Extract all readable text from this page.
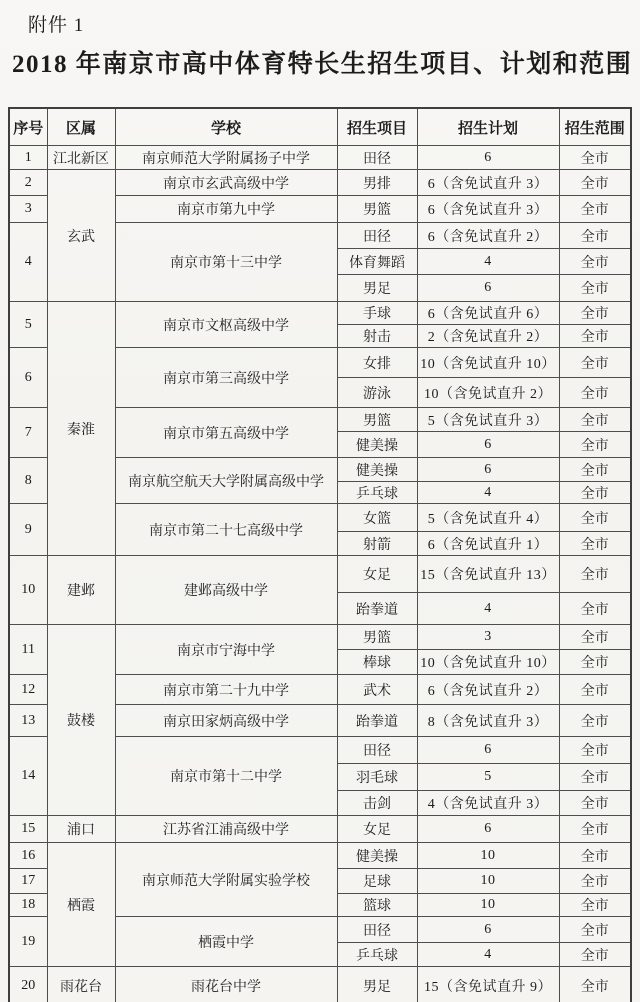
附件 1
2018 年南京市高中体育特长生招生项目、计划和范围
序号	区属	学校	招生项目	招生计划	招生范围
1	江北新区	南京师范大学附属扬子中学	田径	6	全市
2	玄武	南京市玄武高级中学	男排	6（含免试直升 3）	全市
3		南京市第九中学	男篮	6（含免试直升 3）	全市
4		南京市第十三中学	田径	6（含免试直升 2）	全市
			体育舞蹈	4	全市
			男足	6	全市
5	秦淮	南京市文枢高级中学	手球	6（含免试直升 6）	全市
			射击	2（含免试直升 2）	全市
6		南京市第三高级中学	女排	10（含免试直升 10）	全市
			游泳	10（含免试直升 2）	全市
7		南京市第五高级中学	男篮	5（含免试直升 3）	全市
			健美操	6	全市
8		南京航空航天大学附属高级中学	健美操	6	全市
			乒乓球	4	全市
9		南京市第二十七高级中学	女篮	5（含免试直升 4）	全市
			射箭	6（含免试直升 1）	全市
10	建邺	建邺高级中学	女足	15（含免试直升 13）	全市
			跆拳道	4	全市
11	鼓楼	南京市宁海中学	男篮	3	全市
			棒球	10（含免试直升 10）	全市
12		南京市第二十九中学	武术	6（含免试直升 2）	全市
13		南京田家炳高级中学	跆拳道	8（含免试直升 3）	全市
14		南京市第十二中学	田径	6	全市
			羽毛球	5	全市
			击剑	4（含免试直升 3）	全市
15	浦口	江苏省江浦高级中学	女足	6	全市
16	栖霞	南京师范大学附属实验学校	健美操	10	全市
17			足球	10	全市
18			篮球	10	全市
19		栖霞中学	田径	6	全市
			乒乓球	4	全市
20	雨花台	雨花台中学	男足	15（含免试直升 9）	全市
